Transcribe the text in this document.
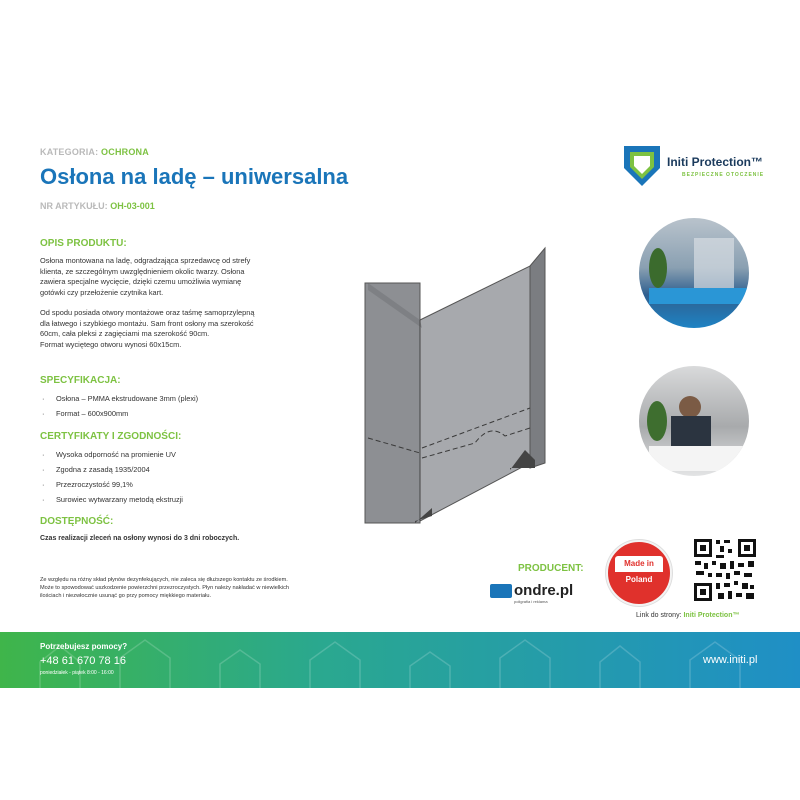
KATEGORIA: OCHRONA
Osłona na ladę – uniwersalna
NR ARTYKUŁU: OH-03-001
OPIS PRODUKTU:
Osłona montowana na ladę, odgradzająca sprzedawcę od strefy
klienta, ze szczególnym uwzględnieniem okolic twarzy. Osłona
zawiera specjalne wycięcie, dzięki czemu umożliwia wymianę
gotówki czy przełożenie czytnika kart.
Od spodu posiada otwory montażowe oraz taśmę samoprzylepną
dla łatwego i szybkiego montażu. Sam front osłony ma szerokość
60cm, cała pleksi z zagięciami ma szerokość 90cm.
Format wyciętego otworu wynosi 60x15cm.
SPECYFIKACJA:
· Osłona – PMMA ekstrudowane 3mm (plexi)
· Format – 600x900mm
CERTYFIKATY I ZGODNOŚCI:
· Wysoka odporność na promienie UV
· Zgodna z zasadą 1935/2004
· Przezroczystość 99,1%
· Surowiec wytwarzany metodą ekstruzji
DOSTĘPNOŚĆ:
Czas realizacji zleceń na osłony wynosi do 3 dni roboczych.
Ze względu na różny skład płynów dezynfekujących, nie zaleca się dłuższego kontaktu ze środkiem.
Może to spowodować uszkodzenie powierzchni przezroczystych. Płyn należy nakładać w niewielkich
ilościach i niezwłocznie usunąć go przy pomocy miękkiego materiału.
Initi Protection™
BEZPIECZNE OTOCZENIE
PRODUCENT:
ondre.pl
poligrafia i reklama
Made in
Poland
Link do strony: Initi Protection™
Potrzebujesz pomocy?
+48 61 670 78 16
poniedziałek - piątek 8:00 - 16:00
www.initi.pl
